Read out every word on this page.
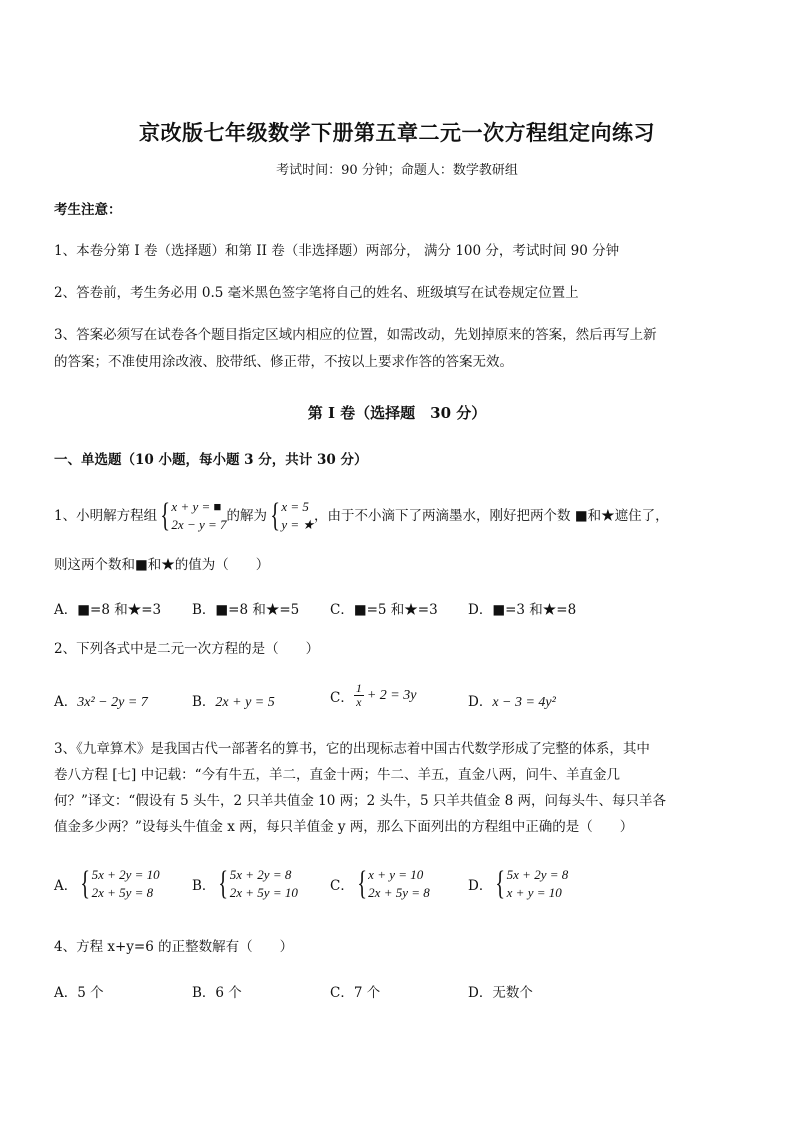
京改版七年级数学下册第五章二元一次方程组定向练习
考试时间：90 分钟；命题人：数学教研组
考生注意：
1、本卷分第 I 卷（选择题）和第 II 卷（非选择题）两部分， 满分 100 分，考试时间 90 分钟
2、答卷前，考生务必用 0.5 毫米黑色签字笔将自己的姓名、班级填写在试卷规定位置上
3、答案必须写在试卷各个题目指定区域内相应的位置，如需改动，先划掉原来的答案，然后再写上新
的答案；不准使用涂改液、胶带纸、修正带，不按以上要求作答的答案无效。
第 I 卷（选择题　30 分）
一、单选题（10 小题，每小题 3 分，共计 30 分）
1、小明解方程组 { x + y = ■
2x − y = 7
的解为 { x = 5
y = ★
，由于不小滴下了两滴墨水，刚好把两个数 ■和★遮住了，
则这两个数和■和★的值为（　　）
A．■=8 和★=3 B．■=8 和★=5 C．■=5 和★=3 D．■=3 和★=8
2、下列各式中是二元一次方程的是（　　）
A．3x² − 2y = 7	B．2x + y = 5	C． $\frac{1}{x} + 2 = 3y$	D．x − 3 = 4y²
3、《九章算术》是我国古代一部著名的算书，它的出现标志着中国古代数学形成了完整的体系，其中
卷八方程 [七] 中记载：“今有牛五，羊二，直金十两；牛二、羊五，直金八两，问牛、羊直金几
何？”译文：“假设有 5 头牛，2 只羊共值金 10 两；2 头牛，5 只羊共值金 8 两，问每头牛、每只羊各
值金多少两？”设每头牛值金 x 两，每只羊值金 y 两，那么下面列出的方程组中正确的是（　　）
A． { 5x + 2y = 10
2x + 5y = 8	B． { 5x + 2y = 8
2x + 5y = 10 C． { x + y = 10
2x + 5y = 8	D． { 5x + 2y = 8
x + y = 10
4、方程 x+y=6 的正整数解有（　　）
A．5 个	B．6 个	C．7 个	D．无数个
